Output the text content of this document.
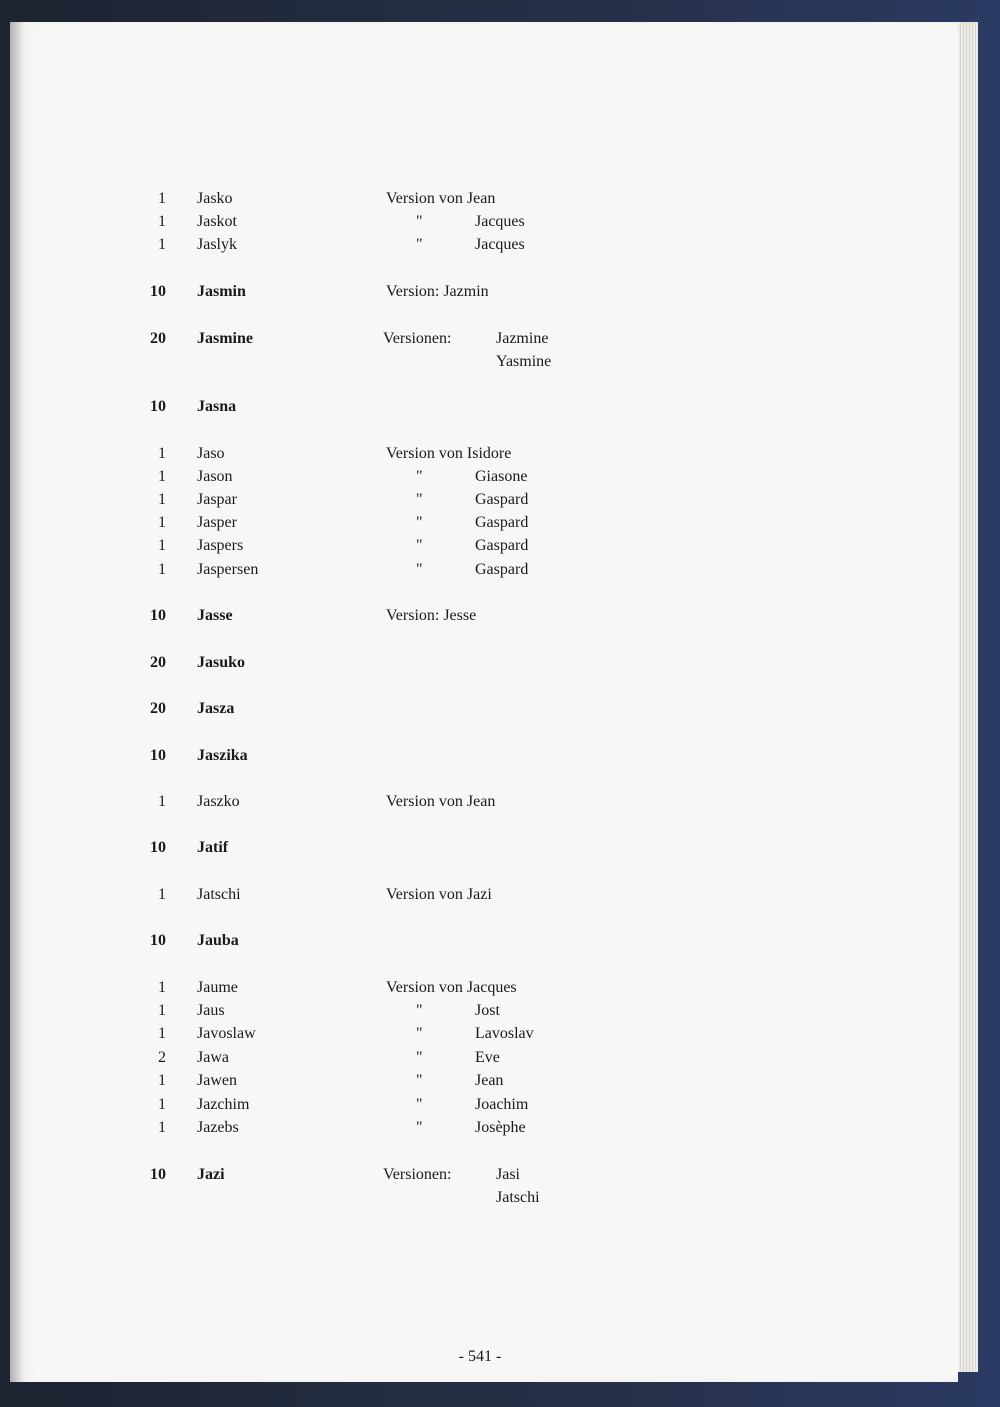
1 Jasko	Version von Jean
1 Jaskot	"	Jacques
1 Jaslyk	"	Jacques
10 Jasmin	Version: Jazmin
20 Jasmine	Versionen:	Jazmine
Yasmine
10 Jasna
1 Jaso	Version von Isidore
1 Jason	"	Giasone
1 Jaspar	"	Gaspard
1 Jasper	"	Gaspard
1 Jaspers	"	Gaspard
1 Jaspersen	"	Gaspard
10 Jasse	Version: Jesse
20 Jasuko
20 Jasza
10 Jaszika
1 Jaszko	Version von Jean
10 Jatif
1 Jatschi	Version von Jazi
10 Jauba
1 Jaume	Version von Jacques
1 Jaus	"	Jost
1 Javoslaw	"	Lavoslav
2 Jawa	"	Eve
1 Jawen	"	Jean
1 Jazchim	"	Joachim
1 Jazebs	"	Josèphe
10 Jazi	Versionen:	Jasi
Jatschi
- 541 -
